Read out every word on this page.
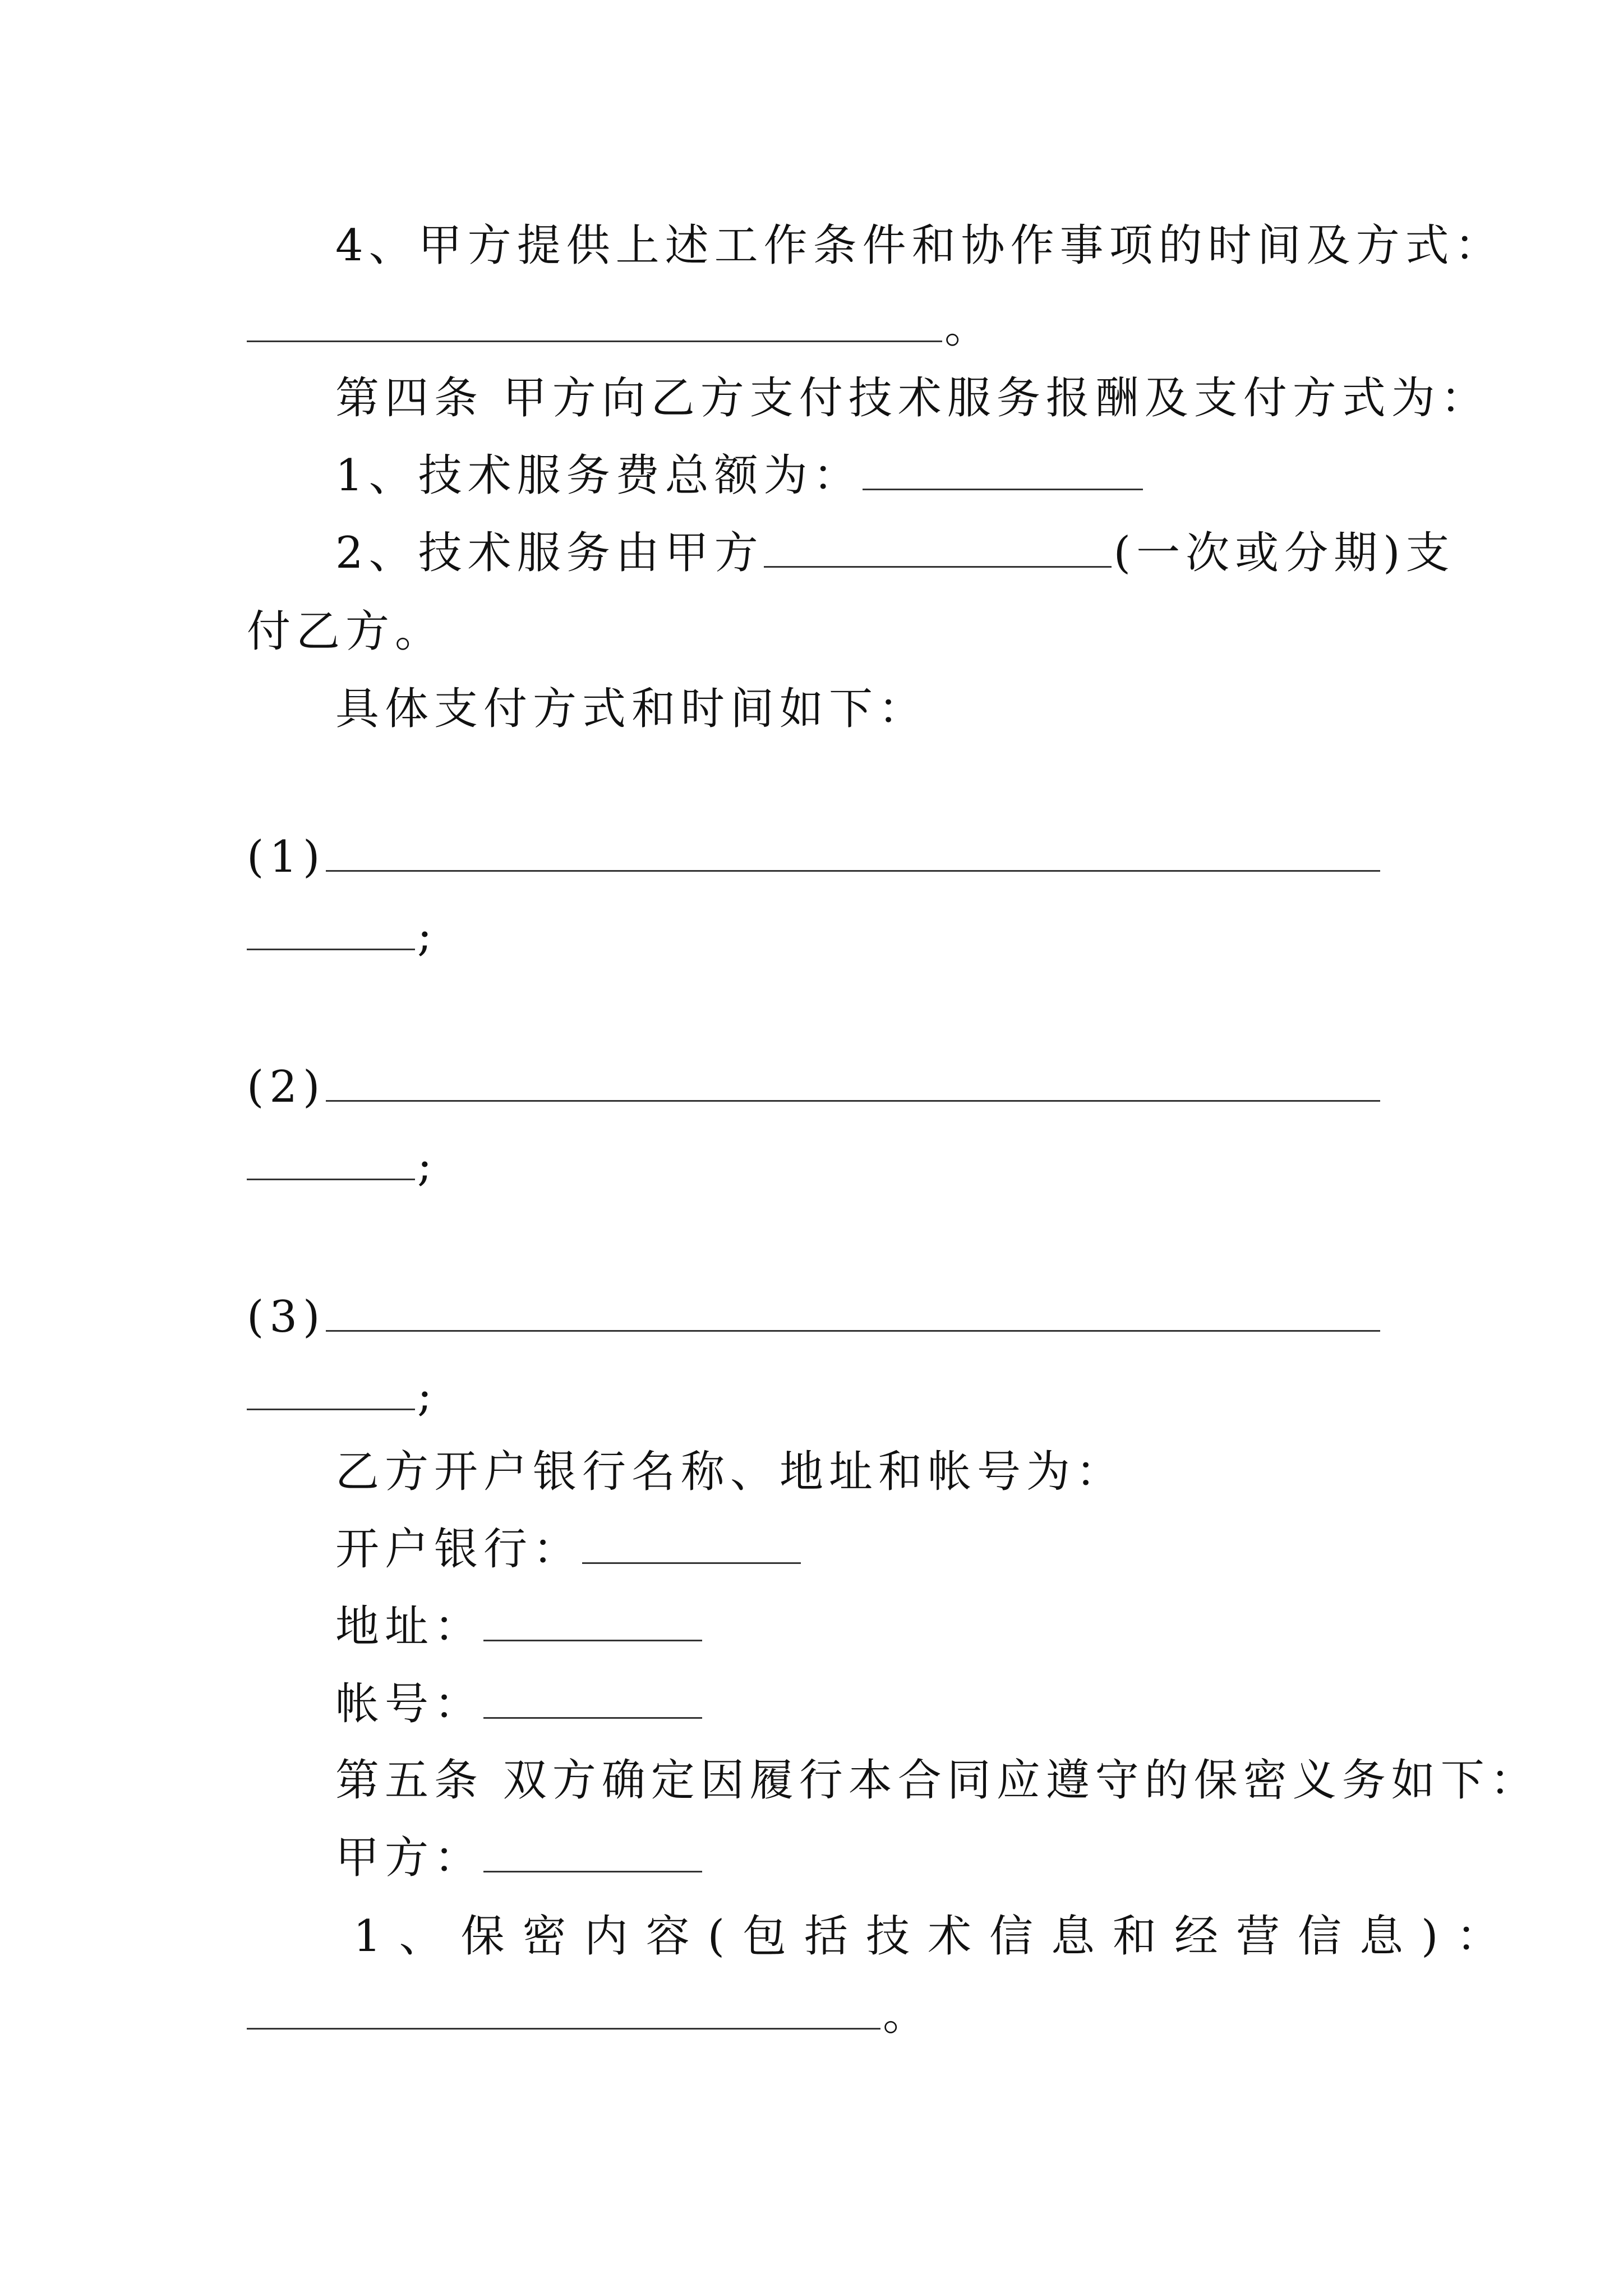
4、甲方提供上述工作条件和协作事项的时间及方式：
。
第四条 甲方向乙方支付技术服务报酬及支付方式为：
1、技术服务费总额为：
2、技术服务由甲方	(一次或分期)支
付乙方。
具体支付方式和时间如下：
(1)
;
(2)
;
(3)
;
乙方开户银行名称、地址和帐号为：
开户银行：
地址：
帐号：
第五条 双方确定因履行本合同应遵守的保密义务如下：
甲方：
1、保密内容(包括技术信息和经营信息)：
。
